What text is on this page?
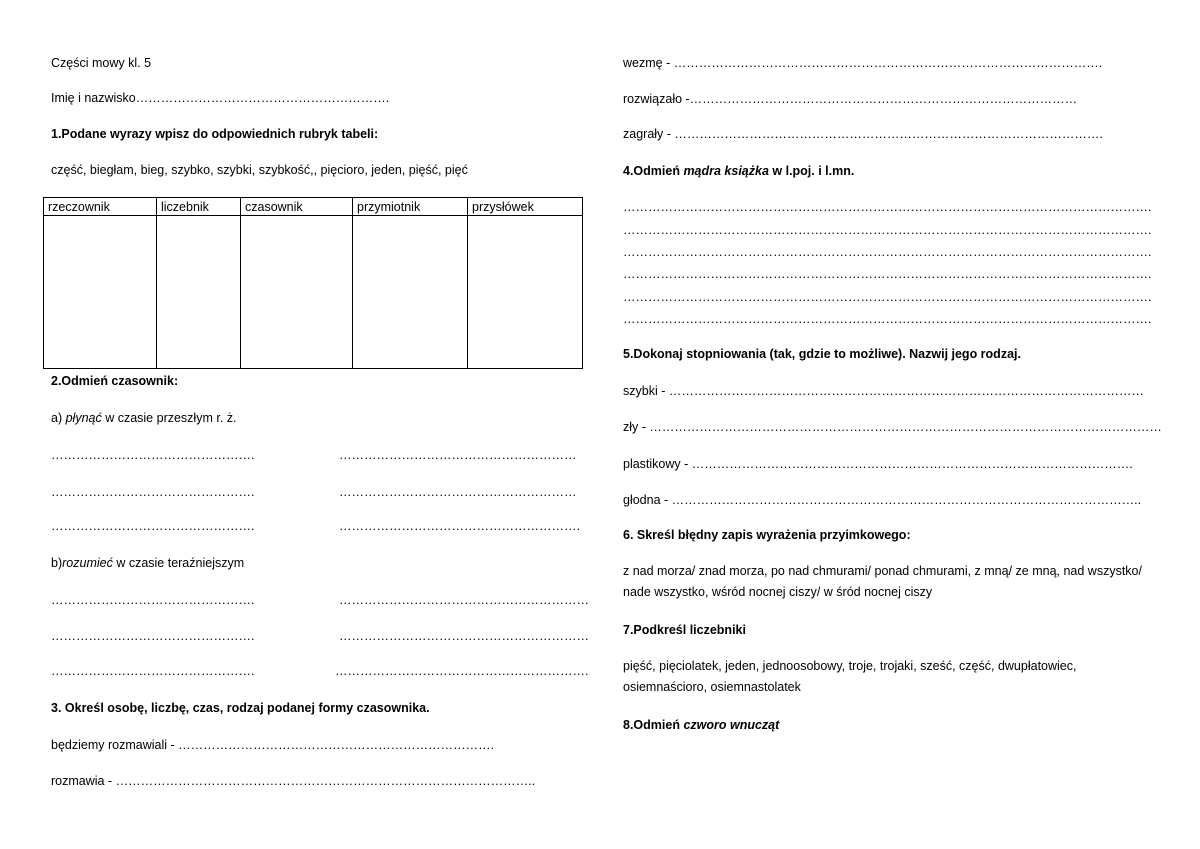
Części mowy kl. 5
Imię i nazwisko…………………………………………………….
1.Podane wyrazy wpisz do odpowiednich rubryk tabeli:
część, biegłam, bieg, szybko, szybki, szybkość,, pięcioro, jeden, pięść, pięć
rzeczownik	liczebnik	czasownik	przymiotnik	przysłówek

2.Odmień czasownik:
a) płynąć w czasie przeszłym r. ż.
………………………………………….
………………………………………….
………………………………………….
…………………………………………………
…………………………………………………
………………………………………………….
b)rozumieć w czasie teraźniejszym
………………………………………….
………………………………………….
………………………………………….
……………………………………………………
……………………………………………………
…………………………………………………….
3. Określ osobę, liczbę, czas, rodzaj podanej formy czasownika.
będziemy rozmawiali - ………………………………………………………………….
rozmawia - ………………………………………………………………………………………..
wezmę - ………………………………………………………………………………………….
rozwiązało -…………………………………………………………………………………
zagrały - ………………………………………………………………………………………….
4.Odmień mądra książka w l.poj. i l.mn.
……………………………………………………………………………………………………………….
……………………………………………………………………………………………………………….
……………………………………………………………………………………………………………….
……………………………………………………………………………………………………………….
……………………………………………………………………………………………………………….
……………………………………………………………………………………………………………….
5.Dokonaj stopniowania (tak, gdzie to możliwe). Nazwij jego rodzaj.
szybki - ……………………………………………………………………………………………………
zły - ……………………………………………………………………………………………………………
plastikowy - …………………………………………………………………………………………….
głodna - …………………………………………………………………………………………………..
6. Skreśl błędny zapis wyrażenia przyimkowego:
z nad morza/ znad morza, po nad chmurami/ ponad chmurami, z mną/ ze mną, nad wszystko/ nade wszystko, wśród nocnej ciszy/ w śród nocnej ciszy
7.Podkreśl liczebniki
pięść, pięciolatek, jeden, jednoosobowy, troje, trojaki, sześć, część, dwupłatowiec, osiemnaścioro, osiemnastolatek
8.Odmień czworo wnucząt
